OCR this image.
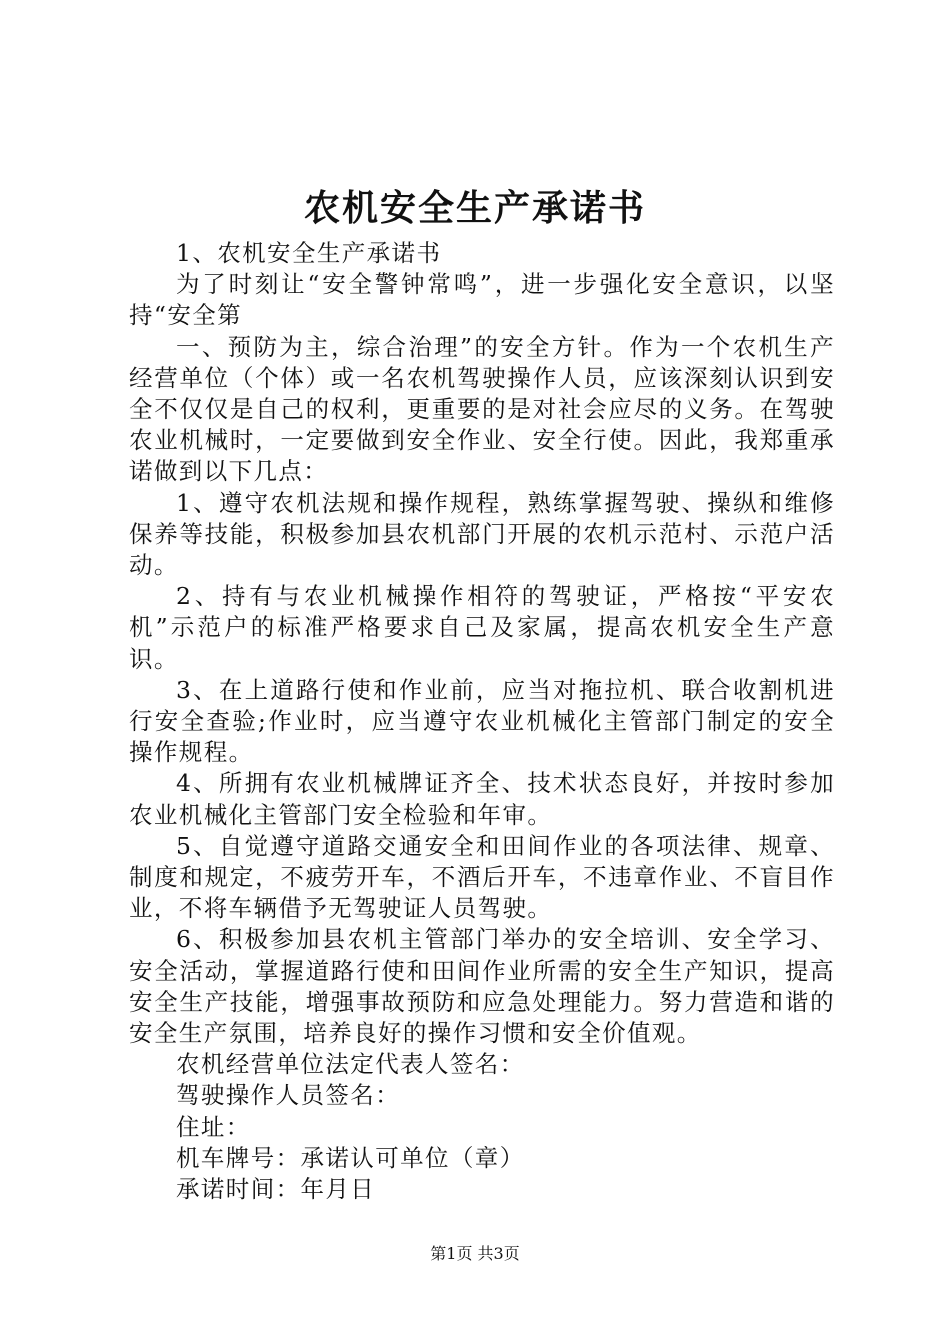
农机安全生产承诺书

1、农机安全生产承诺书

为了时刻让“安全警钟常鸣”，进一步强化安全意识，以坚持“安全第

一、预防为主，综合治理”的安全方针。作为一个农机生产经营单位（个体）或一名农机驾驶操作人员，应该深刻认识到安全不仅仅是自己的权利，更重要的是对社会应尽的义务。在驾驶农业机械时，一定要做到安全作业、安全行使。因此，我郑重承诺做到以下几点：

1、遵守农机法规和操作规程，熟练掌握驾驶、操纵和维修保养等技能，积极参加县农机部门开展的农机示范村、示范户活动。

2、持有与农业机械操作相符的驾驶证，严格按“平安农机”示范户的标准严格要求自己及家属，提高农机安全生产意识。

3、在上道路行使和作业前，应当对拖拉机、联合收割机进行安全查验;作业时，应当遵守农业机械化主管部门制定的安全操作规程。

4、所拥有农业机械牌证齐全、技术状态良好，并按时参加农业机械化主管部门安全检验和年审。

5、自觉遵守道路交通安全和田间作业的各项法律、规章、制度和规定，不疲劳开车，不酒后开车，不违章作业、不盲目作业，不将车辆借予无驾驶证人员驾驶。

6、积极参加县农机主管部门举办的安全培训、安全学习、安全活动，掌握道路行使和田间作业所需的安全生产知识，提高安全生产技能，增强事故预防和应急处理能力。努力营造和谐的安全生产氛围，培养良好的操作习惯和安全价值观。

农机经营单位法定代表人签名：

驾驶操作人员签名：

住址：

机车牌号：承诺认可单位（章）

承诺时间：年月日

第1页 共3页
